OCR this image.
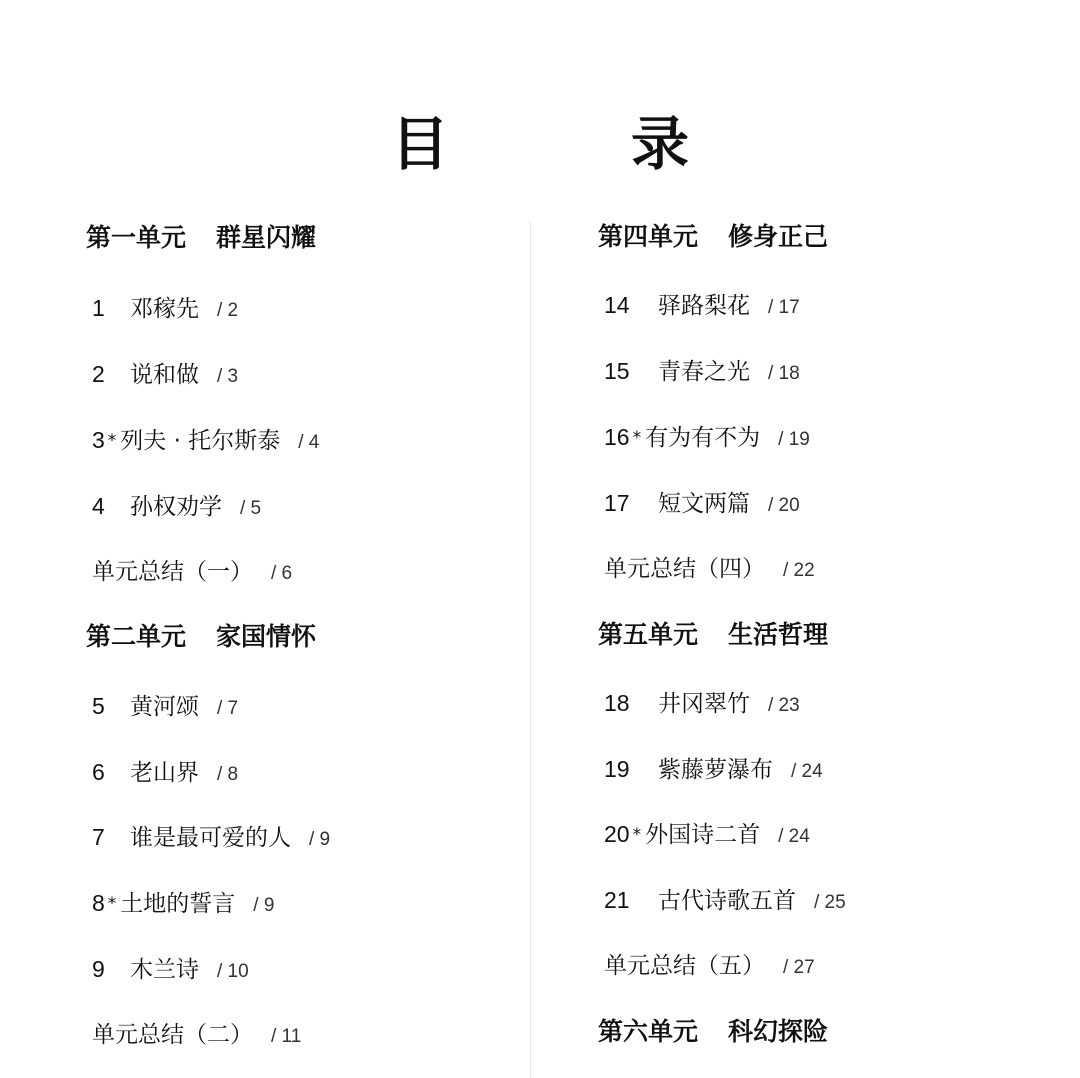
目　录
第一单元 群星闪耀
1 邓稼先 / 2
2 说和做 / 3
3 * 列夫 · 托尔斯泰 / 4
4 孙权劝学 / 5
单元总结（一） / 6
第二单元 家国情怀
5 黄河颂 / 7
6 老山界 / 8
7 谁是最可爱的人 / 9
8 * 土地的誓言 / 9
9 木兰诗 / 10
单元总结（二） / 11
第四单元 修身正己
14 驿路梨花 / 17
15 青春之光 / 18
16 * 有为有不为 / 19
17 短文两篇 / 20
单元总结（四） / 22
第五单元 生活哲理
18 井冈翠竹 / 23
19 紫藤萝瀑布 / 24
20 * 外国诗二首 / 24
21 古代诗歌五首 / 25
单元总结（五） / 27
第六单元 科幻探险
